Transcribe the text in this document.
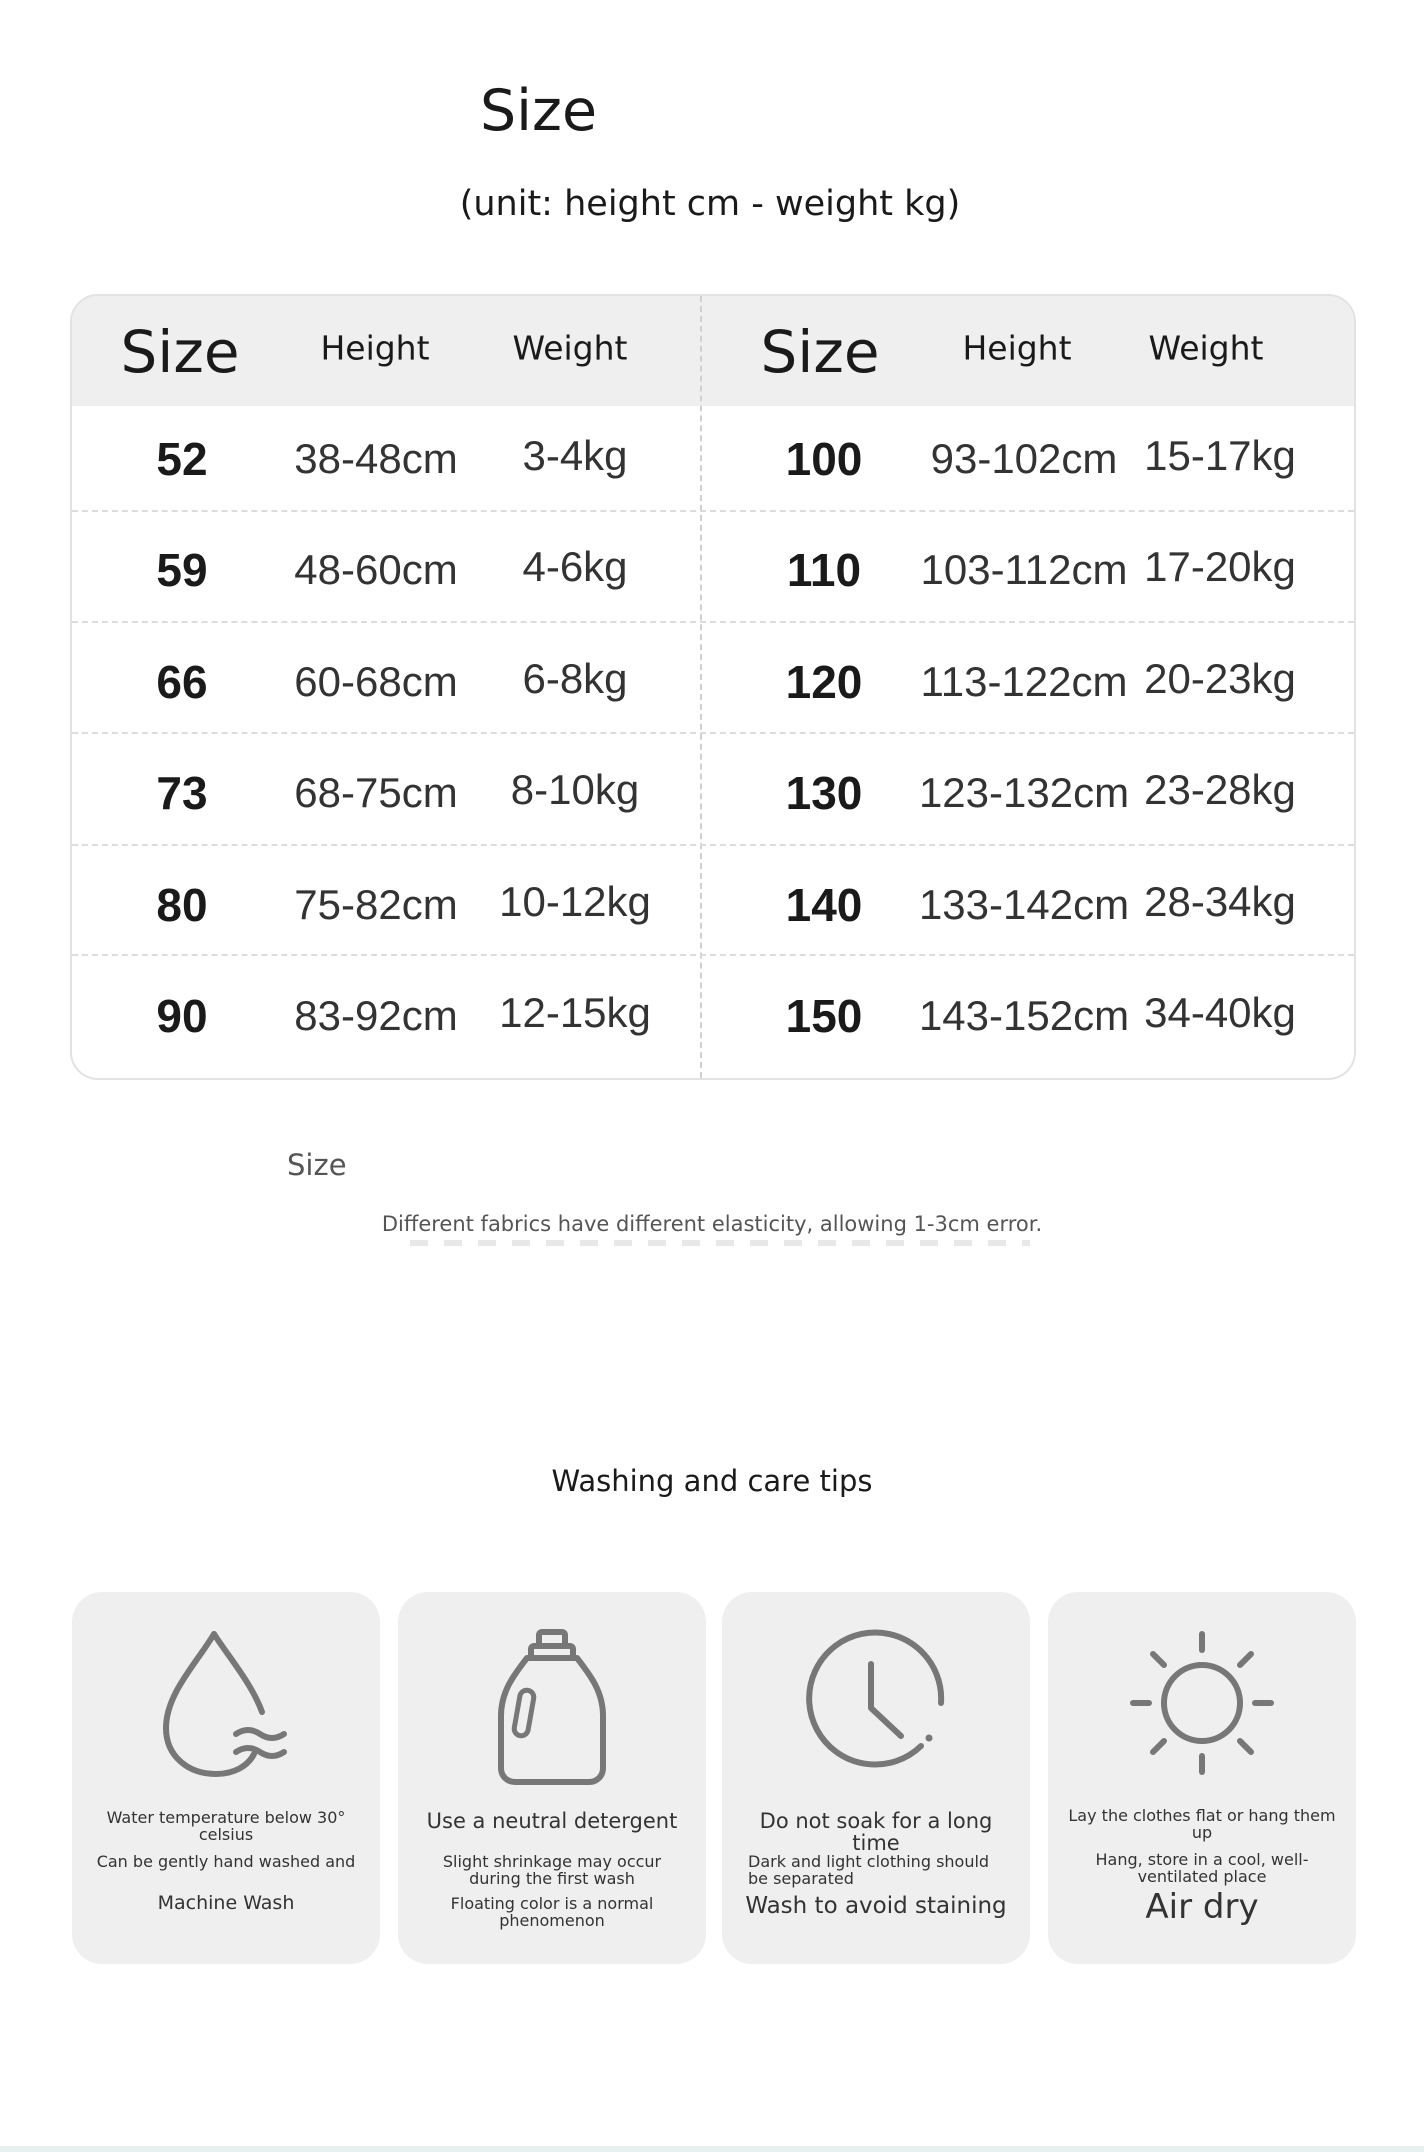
Size
(unit: height cm - weight kg)
Size Height	Weight Size	Height Weight
52 38-48cm 3-4kg
59 48-60cm 4-6kg
66 60-68cm 6-8kg
73 68-75cm 8-10kg
80 75-82cm 10-12kg
90 83-92cm 12-15kg
100 93-102cm 15-17kg
110 103-112cm 17-20kg
120 113-122cm 20-23kg
130 123-132cm 23-28kg
140 133-142cm 28-34kg
150 143-152cm 34-40kg
Size
Different fabrics have different elasticity, allowing 1-3cm error.
Washing and care tips
Water temperature below 30° celsius
Can be gently hand washed and
Machine Wash
Use a neutral detergent
Slight shrinkage may occur during the first wash
Floating color is a normal phenomenon
Do not soak for a long time
Dark and light clothing should be separated
Wash to avoid staining
Lay the clothes flat or hang them up
Hang, store in a cool, well-ventilated place
Air dry
